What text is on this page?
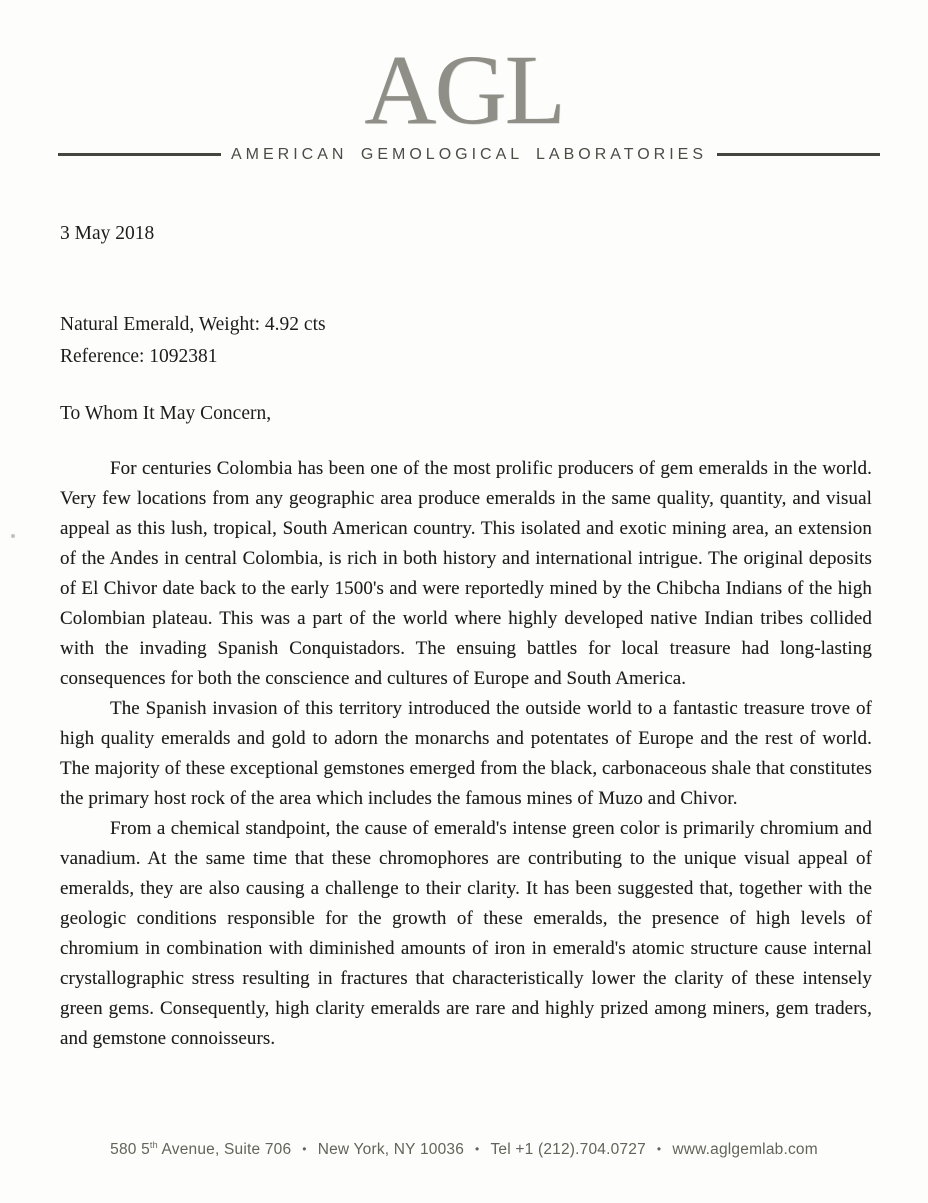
AGL
AMERICAN GEMOLOGICAL LABORATORIES

3 May 2018

Natural Emerald, Weight: 4.92 cts

Reference: 1092381

To Whom It May Concern,

For centuries Colombia has been one of the most prolific producers of gem emeralds in the world. Very few locations from any geographic area produce emeralds in the same quality, quantity, and visual appeal as this lush, tropical, South American country. This isolated and exotic mining area, an extension of the Andes in central Colombia, is rich in both history and international intrigue. The original deposits of El Chivor date back to the early 1500's and were reportedly mined by the Chibcha Indians of the high Colombian plateau. This was a part of the world where highly developed native Indian tribes collided with the invading Spanish Conquistadors. The ensuing battles for local treasure had long-lasting consequences for both the conscience and cultures of Europe and South America.

The Spanish invasion of this territory introduced the outside world to a fantastic treasure trove of high quality emeralds and gold to adorn the monarchs and potentates of Europe and the rest of world. The majority of these exceptional gemstones emerged from the black, carbonaceous shale that constitutes the primary host rock of the area which includes the famous mines of Muzo and Chivor.

From a chemical standpoint, the cause of emerald's intense green color is primarily chromium and vanadium. At the same time that these chromophores are contributing to the unique visual appeal of emeralds, they are also causing a challenge to their clarity. It has been suggested that, together with the geologic conditions responsible for the growth of these emeralds, the presence of high levels of chromium in combination with diminished amounts of iron in emerald's atomic structure cause internal crystallographic stress resulting in fractures that characteristically lower the clarity of these intensely green gems. Consequently, high clarity emeralds are rare and highly prized among miners, gem traders, and gemstone connoisseurs.

580 5th Avenue, Suite 706 • New York, NY 10036 • Tel +1 (212).704.0727 • www.aglgemlab.com
